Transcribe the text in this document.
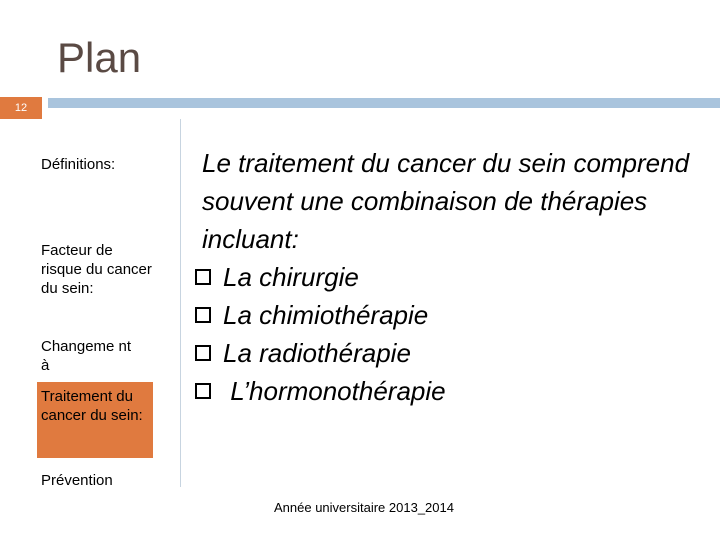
Plan
12
Définitions:
Facteur de risque du cancer du sein:
Changeme nt à
Traitement du cancer du sein:
Prévention
Le traitement du cancer du sein comprend souvent une combinaison de thérapies incluant:
La chirurgie
La chimiothérapie
La radiothérapie
L’hormonothérapie
Année universitaire 2013_2014
